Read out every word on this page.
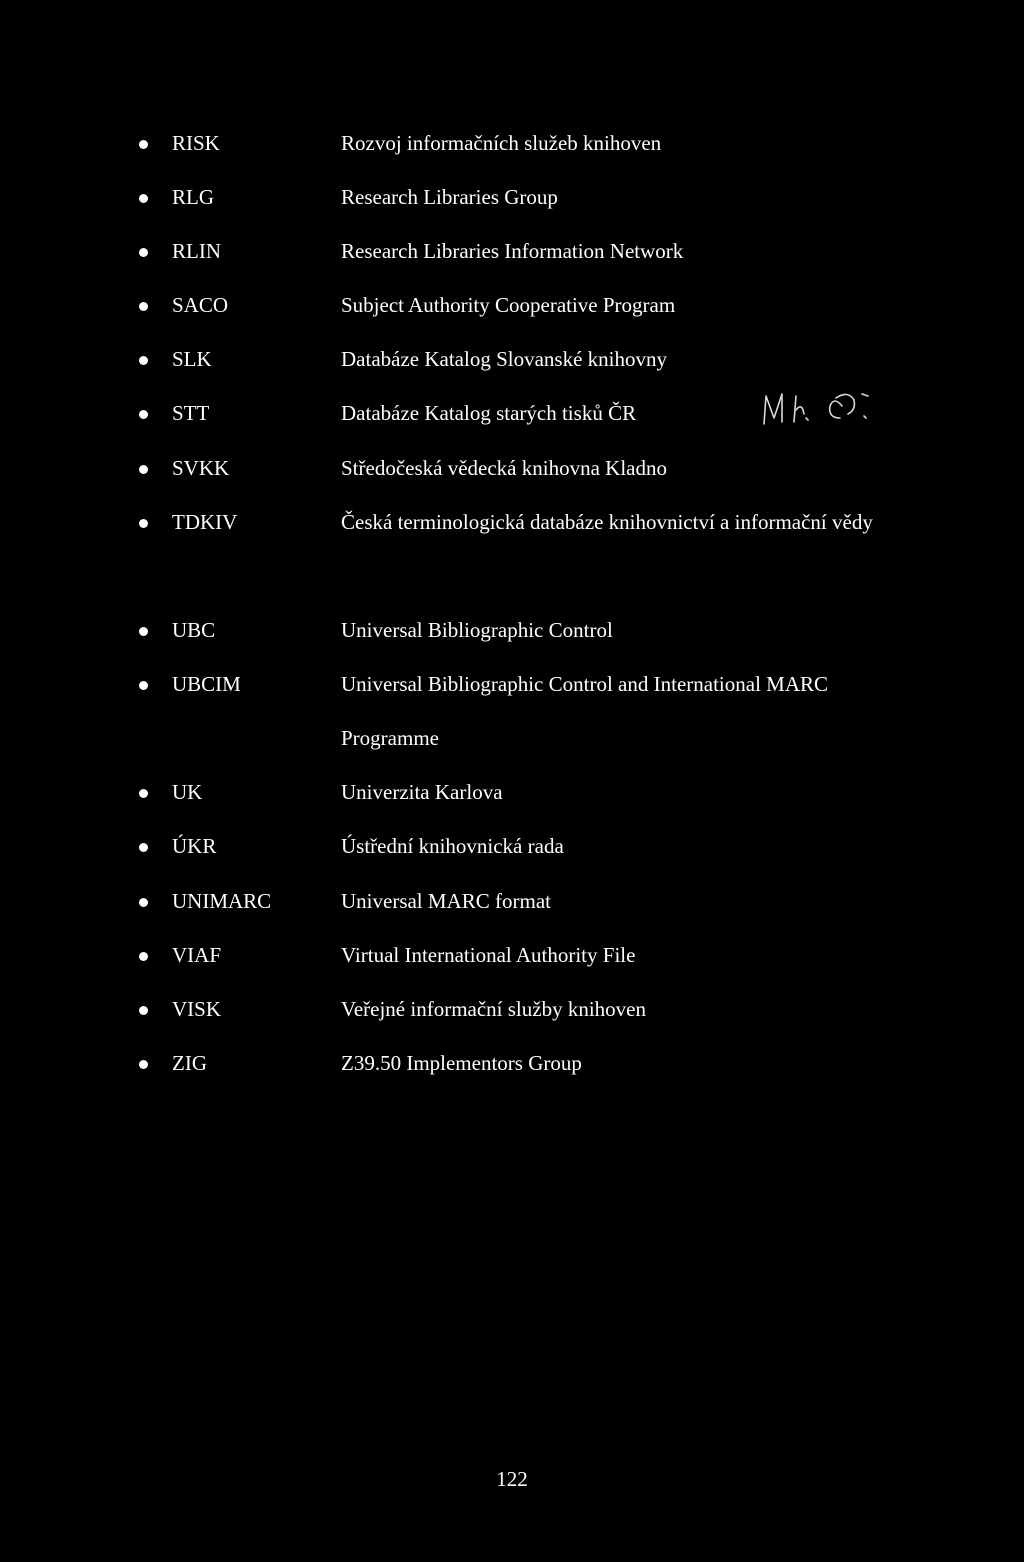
RISK	Rozvoj informačních služeb knihoven
RLG	Research Libraries Group
RLIN	Research Libraries Information Network
SACO	Subject Authority Cooperative Program
SLK	Databáze Katalog Slovanské knihovny
STT	Databáze Katalog starých tisků ČR
SVKK	Středočeská vědecká knihovna Kladno
TDKIV	Česká terminologická databáze knihovnictví a informační vědy
UBC	Universal Bibliographic Control
UBCIM	Universal Bibliographic Control and International MARC Programme
UK	Univerzita Karlova
ÚKR	Ústřední knihovnická rada
UNIMARC	Universal MARC format
VIAF	Virtual International Authority File
VISK	Veřejné informační služby knihoven
ZIG	Z39.50 Implementors Group
122
